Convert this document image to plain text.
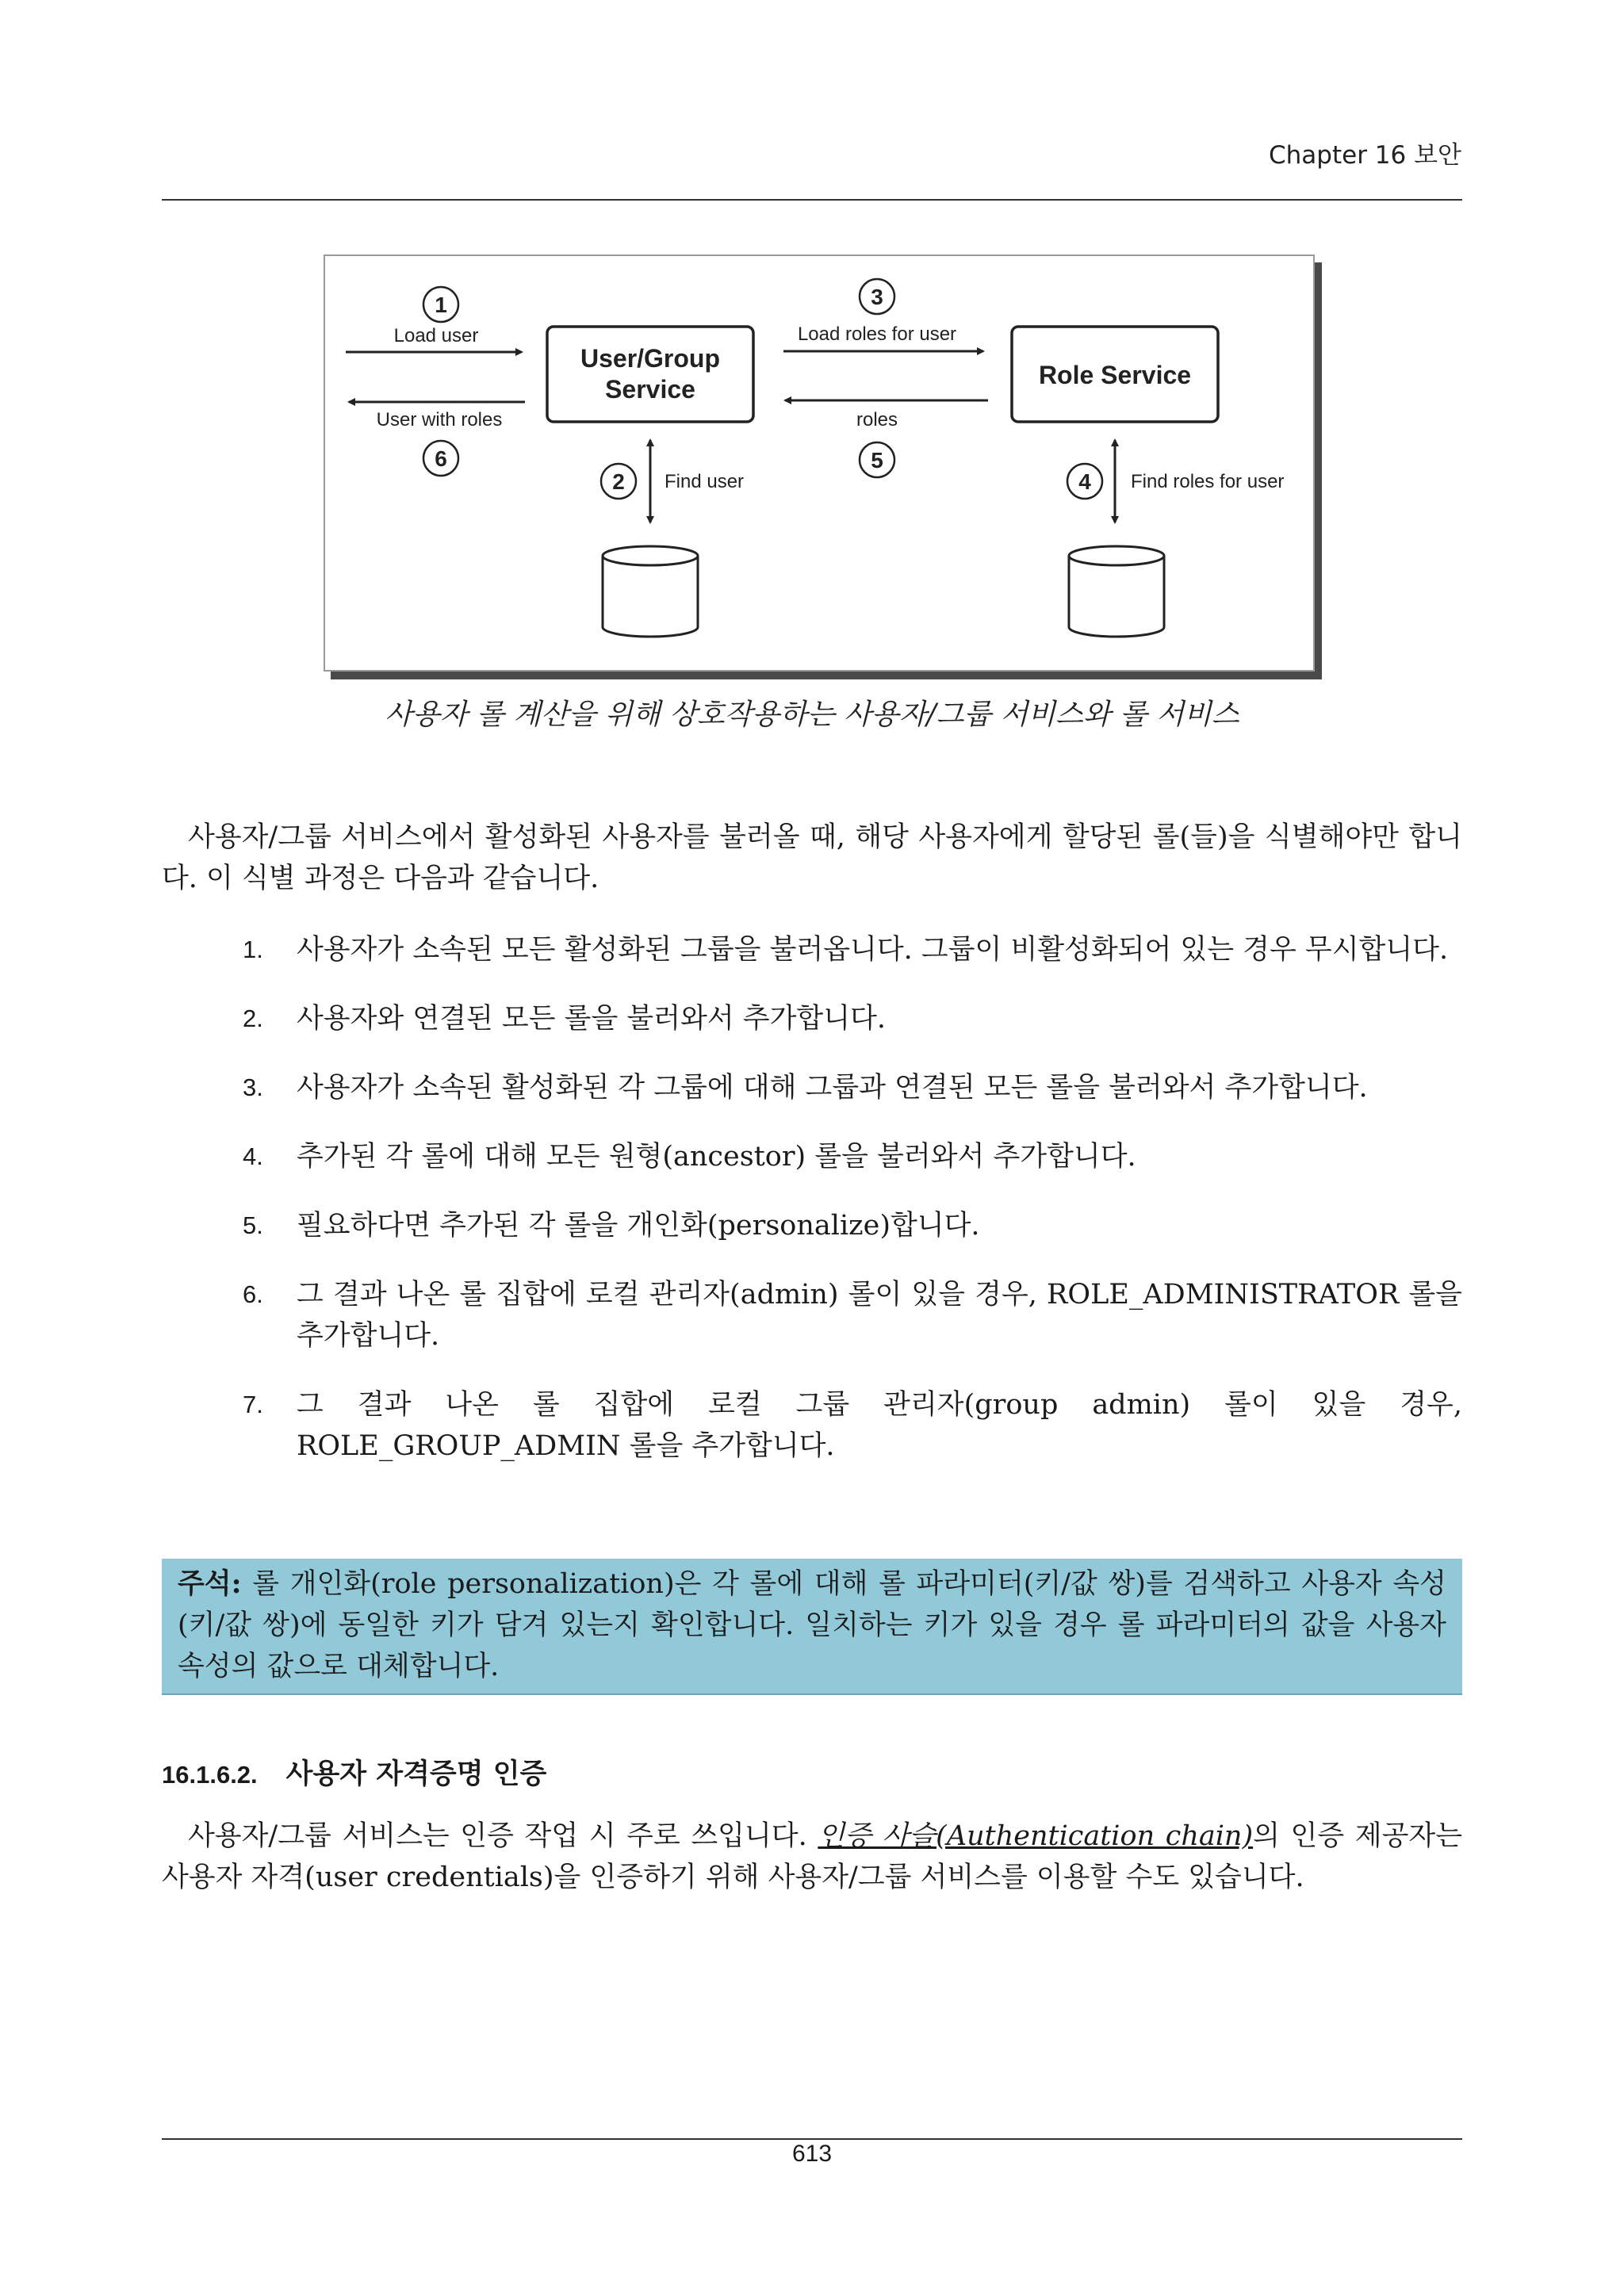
Chapter 16 보안
User/Group
Service	Role Service
1
Load user
User with roles
6
3
Load roles for user
roles
5
2 Find user	4 Find roles for user
사용자 롤 계산을 위해 상호작용하는 사용자/그룹 서비스와 롤 서비스
사용자/그룹 서비스에서 활성화된 사용자를 불러올 때, 해당 사용자에게 할당된 롤(들)을 식별해야만 합니다. 이 식별 과정은 다음과 같습니다.
1. 사용자가 소속된 모든 활성화된 그룹을 불러옵니다. 그룹이 비활성화되어 있는 경우 무시합니다.
2. 사용자와 연결된 모든 롤을 불러와서 추가합니다.
3. 사용자가 소속된 활성화된 각 그룹에 대해 그룹과 연결된 모든 롤을 불러와서 추가합니다.
4. 추가된 각 롤에 대해 모든 원형(ancestor) 롤을 불러와서 추가합니다.
5. 필요하다면 추가된 각 롤을 개인화(personalize)합니다.
6. 그 결과 나온 롤 집합에 로컬 관리자(admin) 롤이 있을 경우, ROLE_ADMINISTRATOR 롤을 추가합니다.
7. 그 결과 나온 롤 집합에 로컬 그룹 관리자(group admin) 롤이 있을 경우, ROLE_GROUP_ADMIN 롤을 추가합니다.
주석: 롤 개인화(role personalization)은 각 롤에 대해 롤 파라미터(키/값 쌍)를 검색하고 사용자 속성(키/값 쌍)에 동일한 키가 담겨 있는지 확인합니다. 일치하는 키가 있을 경우 롤 파라미터의 값을 사용자 속성의 값으로 대체합니다.
16.1.6.2. 사용자 자격증명 인증
사용자/그룹 서비스는 인증 작업 시 주로 쓰입니다. 인증 사슬(Authentication chain)의 인증 제공자는 사용자 자격(user credentials)을 인증하기 위해 사용자/그룹 서비스를 이용할 수도 있습니다.
613
